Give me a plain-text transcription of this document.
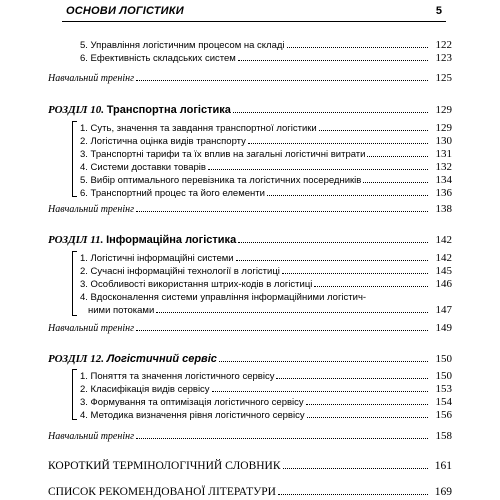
ОСНОВИ ЛОГІСТИКИ	5
5. Управління логістичним процесом на складі	122
6. Ефективність складських систем	123
Навчальний тренінг	125
РОЗДІЛ 10. Транспортна логістика	129
1. Суть, значення та завдання транспортної логістики	129
2. Логістична оцінка видів транспорту	130
3. Транспортні тарифи та їх вплив на загальні логістичні витрати	131
4. Системи доставки товарів	132
5. Вибір оптимального перевізника та логістичних посередників	134
6. Транспортний процес та його елементи	136
Навчальний тренінг	138
РОЗДІЛ 11. Інформаційна логістика	142
1. Логістичні інформаційні системи	142
2. Сучасні інформаційні технології в логістиці	145
3. Особливості використання штрих-кодів в логістиці	146
4. Вдосконалення системи управління інформаційними логістич-
ними потоками	147
Навчальний тренінг	149
РОЗДІЛ 12. Логістичний сервіс	150
1. Поняття та значення логістичного сервісу	150
2. Класифікація видів сервісу	153
3. Формування та оптимізація логістичного сервісу	154
4. Методика визначення рівня логістичного сервісу	156
Навчальний тренінг	158
КОРОТКИЙ ТЕРМІНОЛОГІЧНИЙ СЛОВНИК	161
СПИСОК РЕКОМЕНДОВАНОЇ ЛІТЕРАТУРИ	169
